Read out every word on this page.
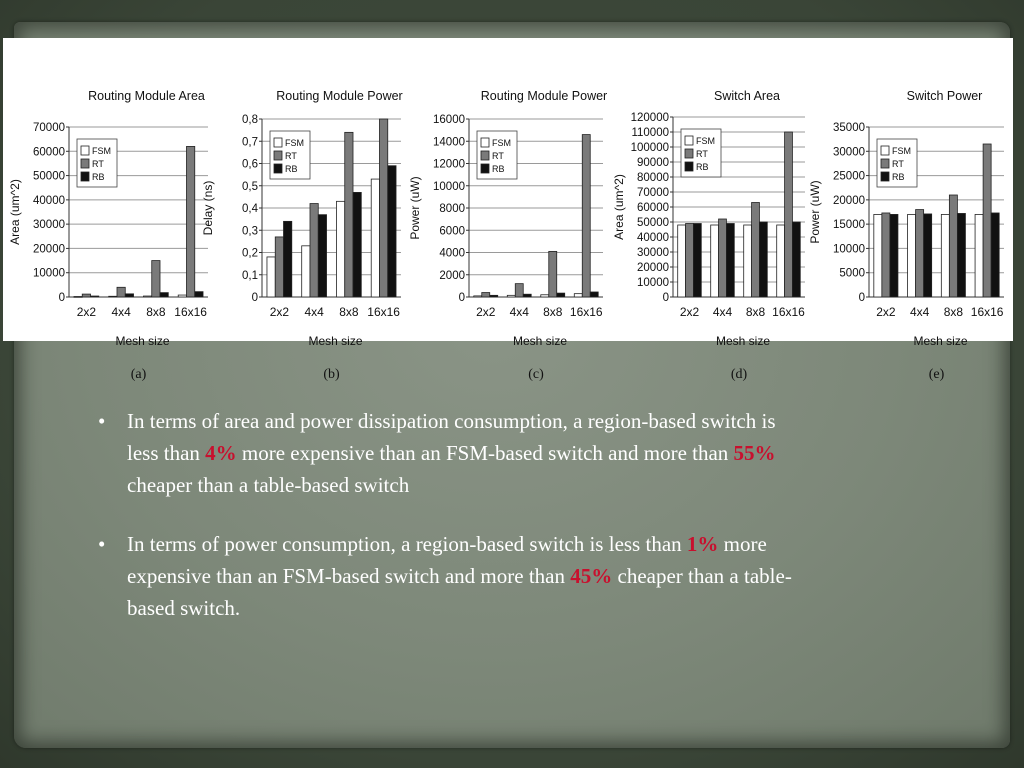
0
10000
20000
30000
40000
50000
60000
70000
2x2 4x4 8x8 16x16
Routing Module Area
Mesh size
Area (um^2)
(a)
FSM
RT
RB
0
0,1
0,2
0,3
0,4
0,5
0,6
0,7
0,8
2x2 4x4 8x8 16x16
Routing Module Power
Mesh size
Delay (ns)
(b)
FSM
RT
RB
0
2000
4000
6000
8000
10000
12000
14000
16000
2x2 4x4 8x8 16x16
Routing Module Power
Mesh size
Power (uW)
(c)
FSM
RT
RB
0
10000
20000
30000
40000
50000
60000
70000
80000
90000
100000
110000
120000
2x2 4x4 8x8 16x16
Switch Area
Mesh size
Area (um^2)
(d)
FSM
RT
RB
0
5000
10000
15000
20000
25000
30000
35000
2x2 4x4 8x8 16x16
Switch Power
Mesh size
Power (uW)
(e)
FSM
RT
RB
• In terms of area and power dissipation consumption, a region-based switch is less than 4% more expensive than an FSM-based switch and more than 55% cheaper than a table-based switch
• In terms of power consumption, a region-based switch is less than 1% more expensive than an FSM-based switch and more than 45% cheaper than a table-based switch.
